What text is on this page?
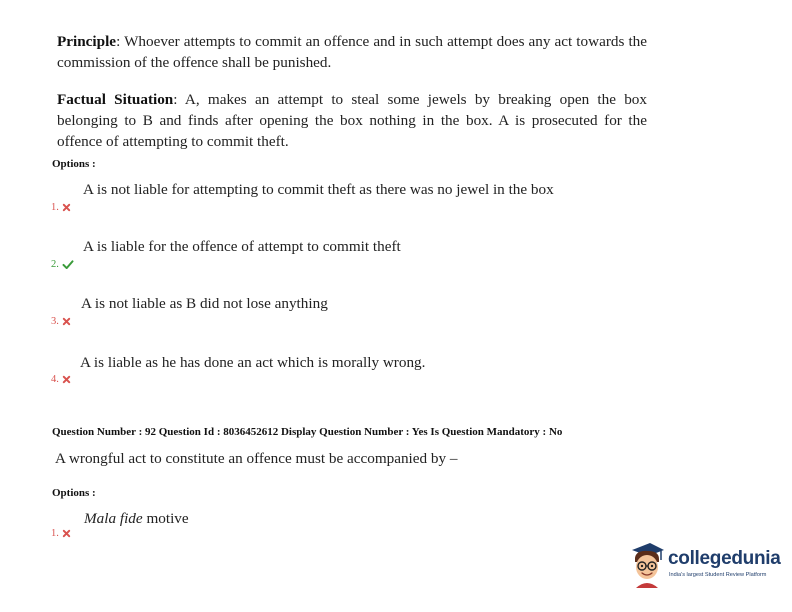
Principle: Whoever attempts to commit an offence and in such attempt does any act towards the commission of the offence shall be punished.

Factual Situation: A, makes an attempt to steal some jewels by breaking open the box belonging to B and finds after opening the box nothing in the box. A is prosecuted for the offence of attempting to commit theft.

Options :
A is not liable for attempting to commit theft as there was no jewel in the box
1.
A is liable for the offence of attempt to commit theft
2.
A is not liable as B did not lose anything
3.
A is liable as he has done an act which is morally wrong.
4.
Question Number : 92 Question Id : 8036452612 Display Question Number : Yes Is Question Mandatory : No
A wrongful act to constitute an offence must be accompanied by –
Options :
Mala fide motive
1.
collegedunia
India's largest Student Review Platform
